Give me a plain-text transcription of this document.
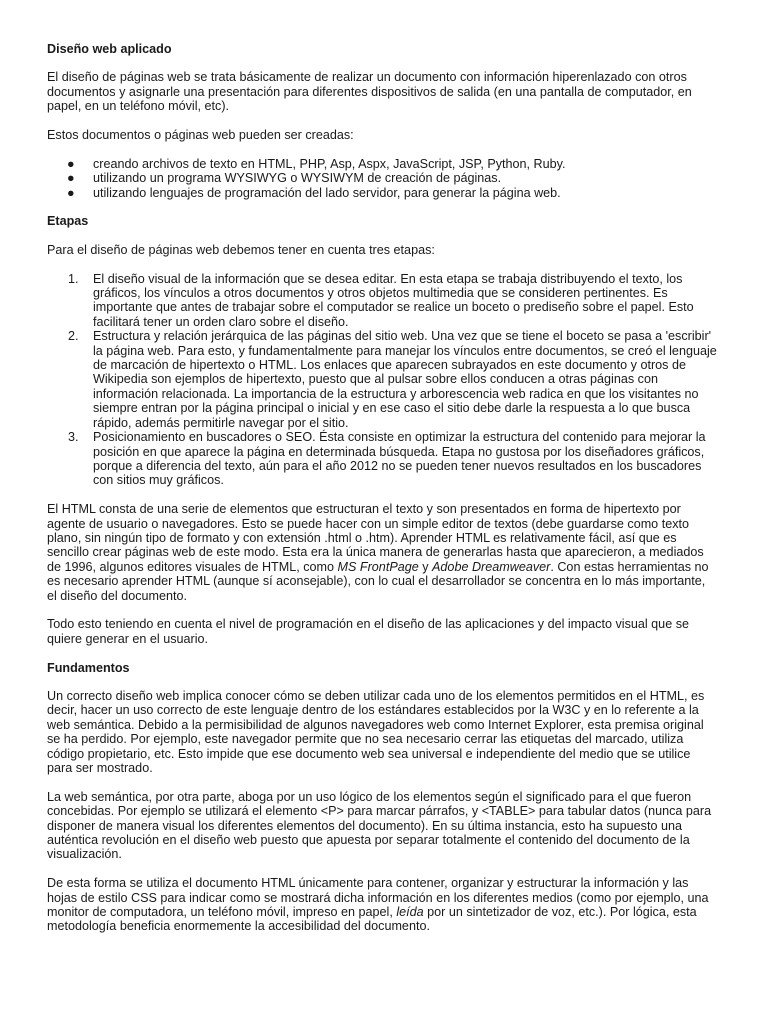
Diseño web aplicado

El diseño de páginas web se trata básicamente de realizar un documento con información hiperenlazado con otros documentos y asignarle una presentación para diferentes dispositivos de salida (en una pantalla de computador, en papel, en un teléfono móvil, etc).

Estos documentos o páginas web pueden ser creadas:

●	creando archivos de texto en HTML, PHP, Asp, Aspx, JavaScript, JSP, Python, Ruby.
●	utilizando un programa WYSIWYG o WYSIWYM de creación de páginas.
●	utilizando lenguajes de programación del lado servidor, para generar la página web.
Etapas

Para el diseño de páginas web debemos tener en cuenta tres etapas:

1. El diseño visual de la información que se desea editar. En esta etapa se trabaja distribuyendo el texto, los gráficos, los vínculos a otros documentos y otros objetos multimedia que se consideren pertinentes. Es importante que antes de trabajar sobre el computador se realice un boceto o prediseño sobre el papel. Esto facilitará tener un orden claro sobre el diseño.
2. Estructura y relación jerárquica de las páginas del sitio web. Una vez que se tiene el boceto se pasa a 'escribir' la página web. Para esto, y fundamentalmente para manejar los vínculos entre documentos, se creó el lenguaje de marcación de hipertexto o HTML. Los enlaces que aparecen subrayados en este documento y otros de Wikipedia son ejemplos de hipertexto, puesto que al pulsar sobre ellos conducen a otras páginas con información relacionada. La importancia de la estructura y arborescencia web radica en que los visitantes no siempre entran por la página principal o inicial y en ese caso el sitio debe darle la respuesta a lo que busca rápido, además permitirle navegar por el sitio.
3. Posicionamiento en buscadores o SEO. Ésta consiste en optimizar la estructura del contenido para mejorar la posición en que aparece la página en determinada búsqueda. Etapa no gustosa por los diseñadores gráficos, porque a diferencia del texto, aún para el año 2012 no se pueden tener nuevos resultados en los buscadores con sitios muy gráficos.

El HTML consta de una serie de elementos que estructuran el texto y son presentados en forma de hipertexto por agente de usuario o navegadores. Esto se puede hacer con un simple editor de textos (debe guardarse como texto plano, sin ningún tipo de formato y con extensión .html o .htm). Aprender HTML es relativamente fácil, así que es sencillo crear páginas web de este modo. Esta era la única manera de generarlas hasta que aparecieron, a mediados de 1996, algunos editores visuales de HTML, como MS FrontPage y Adobe Dreamweaver. Con estas herramientas no es necesario aprender HTML (aunque sí aconsejable), con lo cual el desarrollador se concentra en lo más importante, el diseño del documento.

Todo esto teniendo en cuenta el nivel de programación en el diseño de las aplicaciones y del impacto visual que se quiere generar en el usuario.

Fundamentos

Un correcto diseño web implica conocer cómo se deben utilizar cada uno de los elementos permitidos en el HTML, es decir, hacer un uso correcto de este lenguaje dentro de los estándares establecidos por la W3C y en lo referente a la web semántica. Debido a la permisibilidad de algunos navegadores web como Internet Explorer, esta premisa original se ha perdido. Por ejemplo, este navegador permite que no sea necesario cerrar las etiquetas del marcado, utiliza código propietario, etc. Esto impide que ese documento web sea universal e independiente del medio que se utilice para ser mostrado.

La web semántica, por otra parte, aboga por un uso lógico de los elementos según el significado para el que fueron concebidas. Por ejemplo se utilizará el elemento <P> para marcar párrafos, y <TABLE> para tabular datos (nunca para disponer de manera visual los diferentes elementos del documento). En su última instancia, esto ha supuesto una auténtica revolución en el diseño web puesto que apuesta por separar totalmente el contenido del documento de la visualización.

De esta forma se utiliza el documento HTML únicamente para contener, organizar y estructurar la información y las hojas de estilo CSS para indicar como se mostrará dicha información en los diferentes medios (como por ejemplo, una monitor de computadora, un teléfono móvil, impreso en papel, leída por un sintetizador de voz, etc.). Por lógica, esta metodología beneficia enormemente la accesibilidad del documento.
